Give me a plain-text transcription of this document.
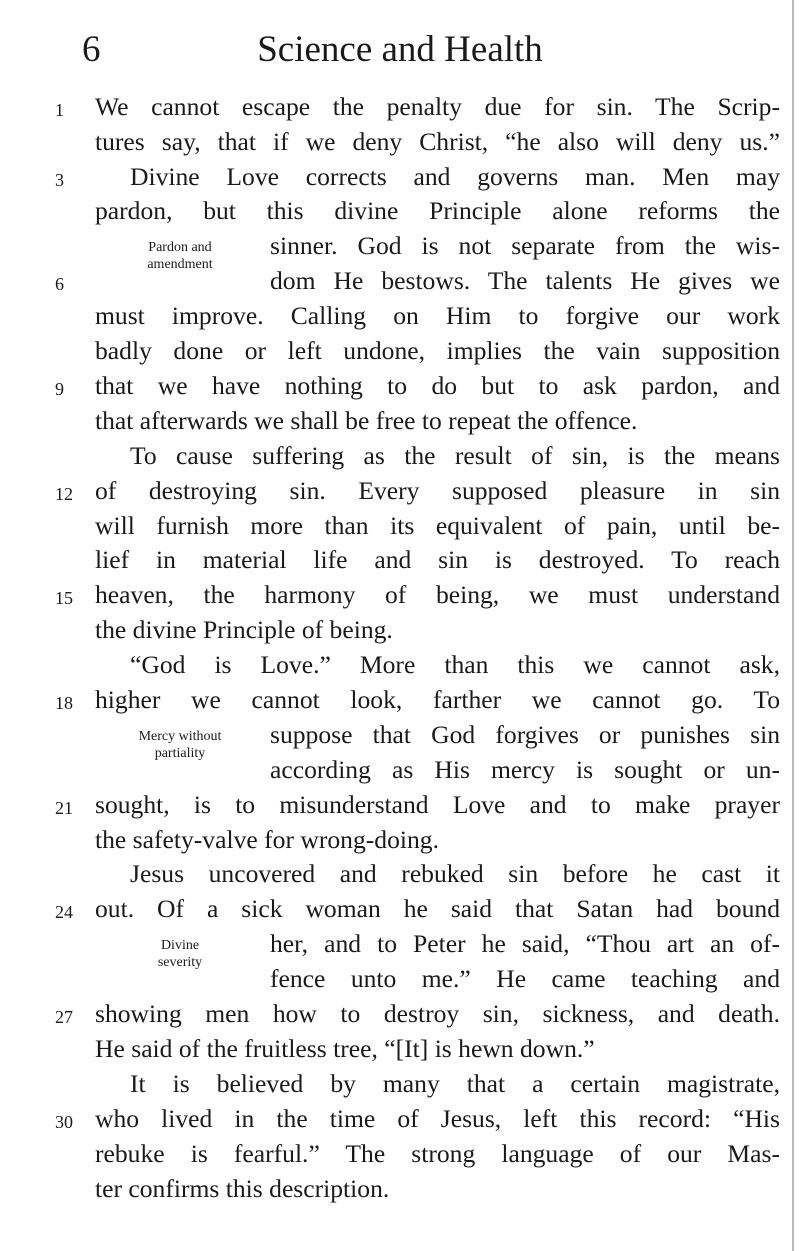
6	Science and Health
We cannot escape the penalty due for sin. The Scrip-
tures say, that if we deny Christ, “he also will deny us.”
Divine Love corrects and governs man. Men may
pardon, but this divine Principle alone reforms the
sinner. God is not separate from the wis-
dom He bestows. The talents He gives we
must improve. Calling on Him to forgive our work
badly done or left undone, implies the vain supposition
that we have nothing to do but to ask pardon, and
that afterwards we shall be free to repeat the offence.
To cause suffering as the result of sin, is the means
of destroying sin. Every supposed pleasure in sin
will furnish more than its equivalent of pain, until be-
lief in material life and sin is destroyed. To reach
heaven, the harmony of being, we must understand
the divine Principle of being.
“God is Love.” More than this we cannot ask,
higher we cannot look, farther we cannot go. To
suppose that God forgives or punishes sin
according as His mercy is sought or un-
sought, is to misunderstand Love and to make prayer
the safety-valve for wrong-doing.
Jesus uncovered and rebuked sin before he cast it
out. Of a sick woman he said that Satan had bound
her, and to Peter he said, “Thou art an of-
fence unto me.” He came teaching and
showing men how to destroy sin, sickness, and death.
He said of the fruitless tree, “[It] is hewn down.”
It is believed by many that a certain magistrate,
who lived in the time of Jesus, left this record: “His
rebuke is fearful.” The strong language of our Mas-
ter confirms this description.
1
3
6
9
12
15
18
21
24
27
30
Pardon and
amendment
Mercy without
partiality
Divine
severity
